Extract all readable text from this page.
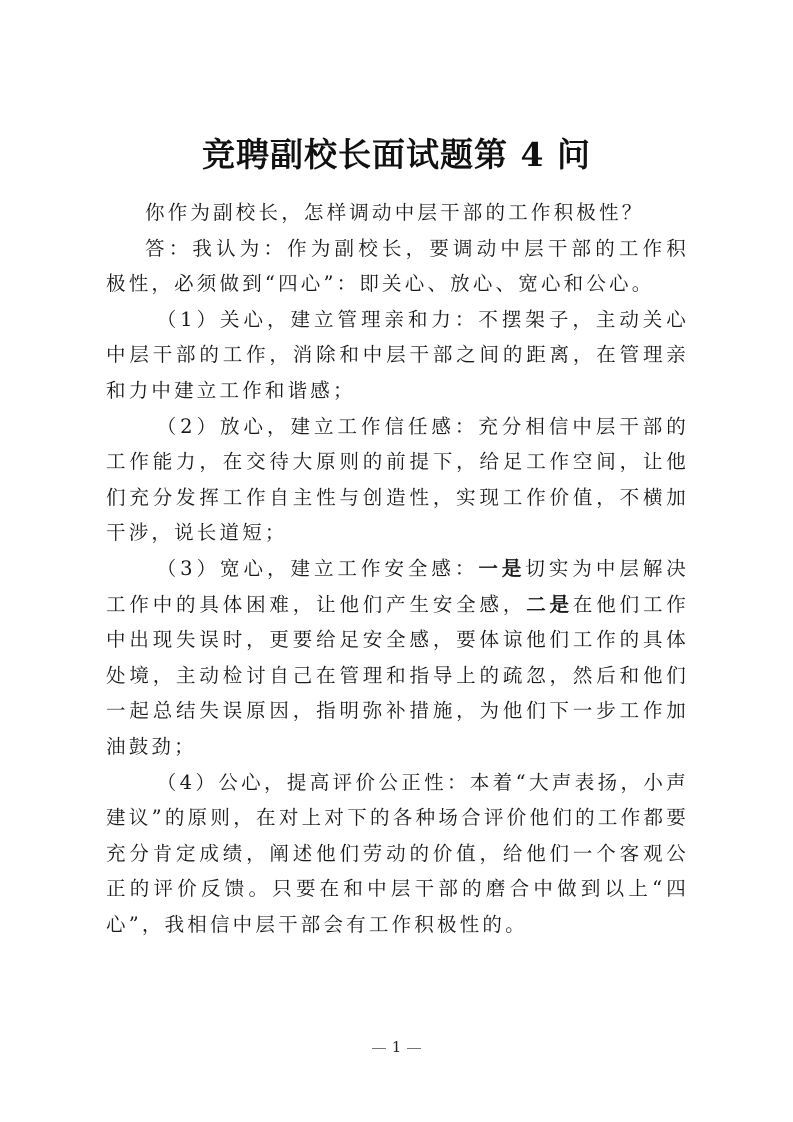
竞聘副校长面试题第 4 问

你作为副校长，怎样调动中层干部的工作积极性？

答：我认为：作为副校长，要调动中层干部的工作积极性，必须做到“四心”：即关心、放心、宽心和公心。

（1）关心，建立管理亲和力：不摆架子，主动关心中层干部的工作，消除和中层干部之间的距离，在管理亲和力中建立工作和谐感；

（2）放心，建立工作信任感：充分相信中层干部的工作能力，在交待大原则的前提下，给足工作空间，让他们充分发挥工作自主性与创造性，实现工作价值，不横加干涉，说长道短；

（3）宽心，建立工作安全感：一是切实为中层解决工作中的具体困难，让他们产生安全感，二是在他们工作中出现失误时，更要给足安全感，要体谅他们工作的具体处境，主动检讨自己在管理和指导上的疏忽，然后和他们一起总结失误原因，指明弥补措施，为他们下一步工作加油鼓劲；

（4）公心，提高评价公正性：本着“大声表扬，小声建议”的原则，在对上对下的各种场合评价他们的工作都要充分肯定成绩，阐述他们劳动的价值，给他们一个客观公正的评价反馈。只要在和中层干部的磨合中做到以上“四心”，我相信中层干部会有工作积极性的。

1
